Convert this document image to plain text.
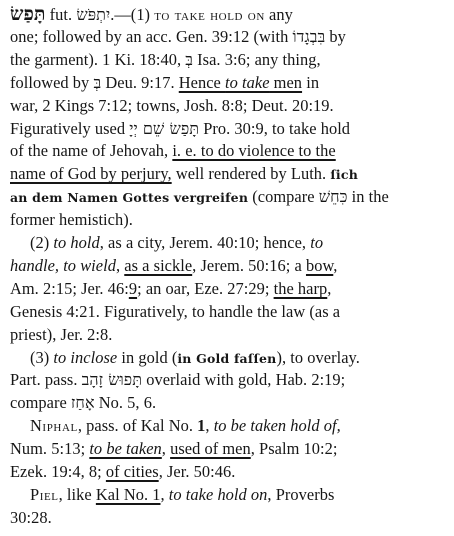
תָּפַשׂ fut. יִתְפֹּשׂ.—(1) to take hold on any
one; followed by an acc. Gen. 39:12 (with בִּבְגָדוֹ by
the garment). 1 Ki. 18:40, בְּ Isa. 3:6; any thing,
followed by בְּ Deu. 9:17. Hence to take men in
war, 2 Kings 7:12; towns, Josh. 8:8; Deut. 20:19.
Figuratively used תָּפַשׂ שֵׁם יְיָ Pro. 30:9, to take hold
of the name of Jehovah, i. e. to do violence to the
name of God by perjury, well rendered by Luth. ſich
an dem Namen Gottes vergreifen (compare כִּחֵשׁ in the
former hemistich).
(2) to hold, as a city, Jerem. 40:10; hence, to
handle, to wield, as a sickle, Jerem. 50:16; a bow,
Am. 2:15; Jer. 46:9; an oar, Eze. 27:29; the harp,
Genesis 4:21. Figuratively, to handle the law (as a
priest), Jer. 2:8.
(3) to inclose in gold (in Gold faſſen), to overlay.
Part. pass. תָּפוּשׂ זָהָב overlaid with gold, Hab. 2:19;
compare אָחַז No. 5, 6.
Niphal, pass. of Kal No. 1, to be taken hold of,
Num. 5:13; to be taken, used of men, Psalm 10:2;
Ezek. 19:4, 8; of cities, Jer. 50:46.
Piel, like Kal No. 1, to take hold on, Proverbs
30:28.
